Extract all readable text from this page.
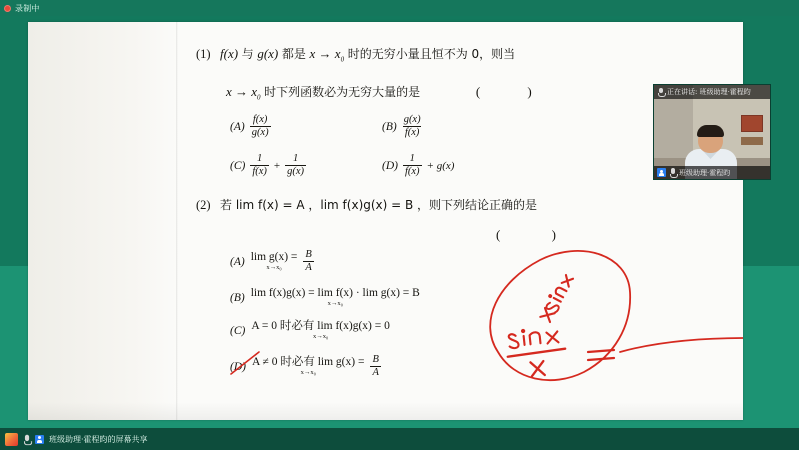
录制中
(1) f(x) 与 g(x) 都是 $x \to x_0$ 时的无穷小量且恒不为 0，则当
$x \to x_0$ 时下列函数必为无穷大量的是	( )
$(A) \frac{f(x)}{g(x)}$	$(B) \frac{g(x)}{f(x)}$
$(C) \frac{1}{f(x)} + \frac{1}{g(x)}$	$(D) \frac{1}{f(x)} + g(x)$
(2) 若 lim f(x) = A ，lim f(x)g(x) = B ，则下列结论正确的是
( )
(A) lim g(x) =
$x\to x_0 \frac{B}{A}$
(B) lim f(x)g(x) = lim f(x) · lim g(x) = B
x→x₀
(C) A = 0 时必有 lim f(x)g(x) = 0
x→x₀
(D) A ≠ 0 时必有 lim g(x) =
x→x₀	$\frac{B}{A}$
正在讲话: 班级助理·霍程昀
班级助理·霍程昀
班级助理·霍程昀的屏幕共享
